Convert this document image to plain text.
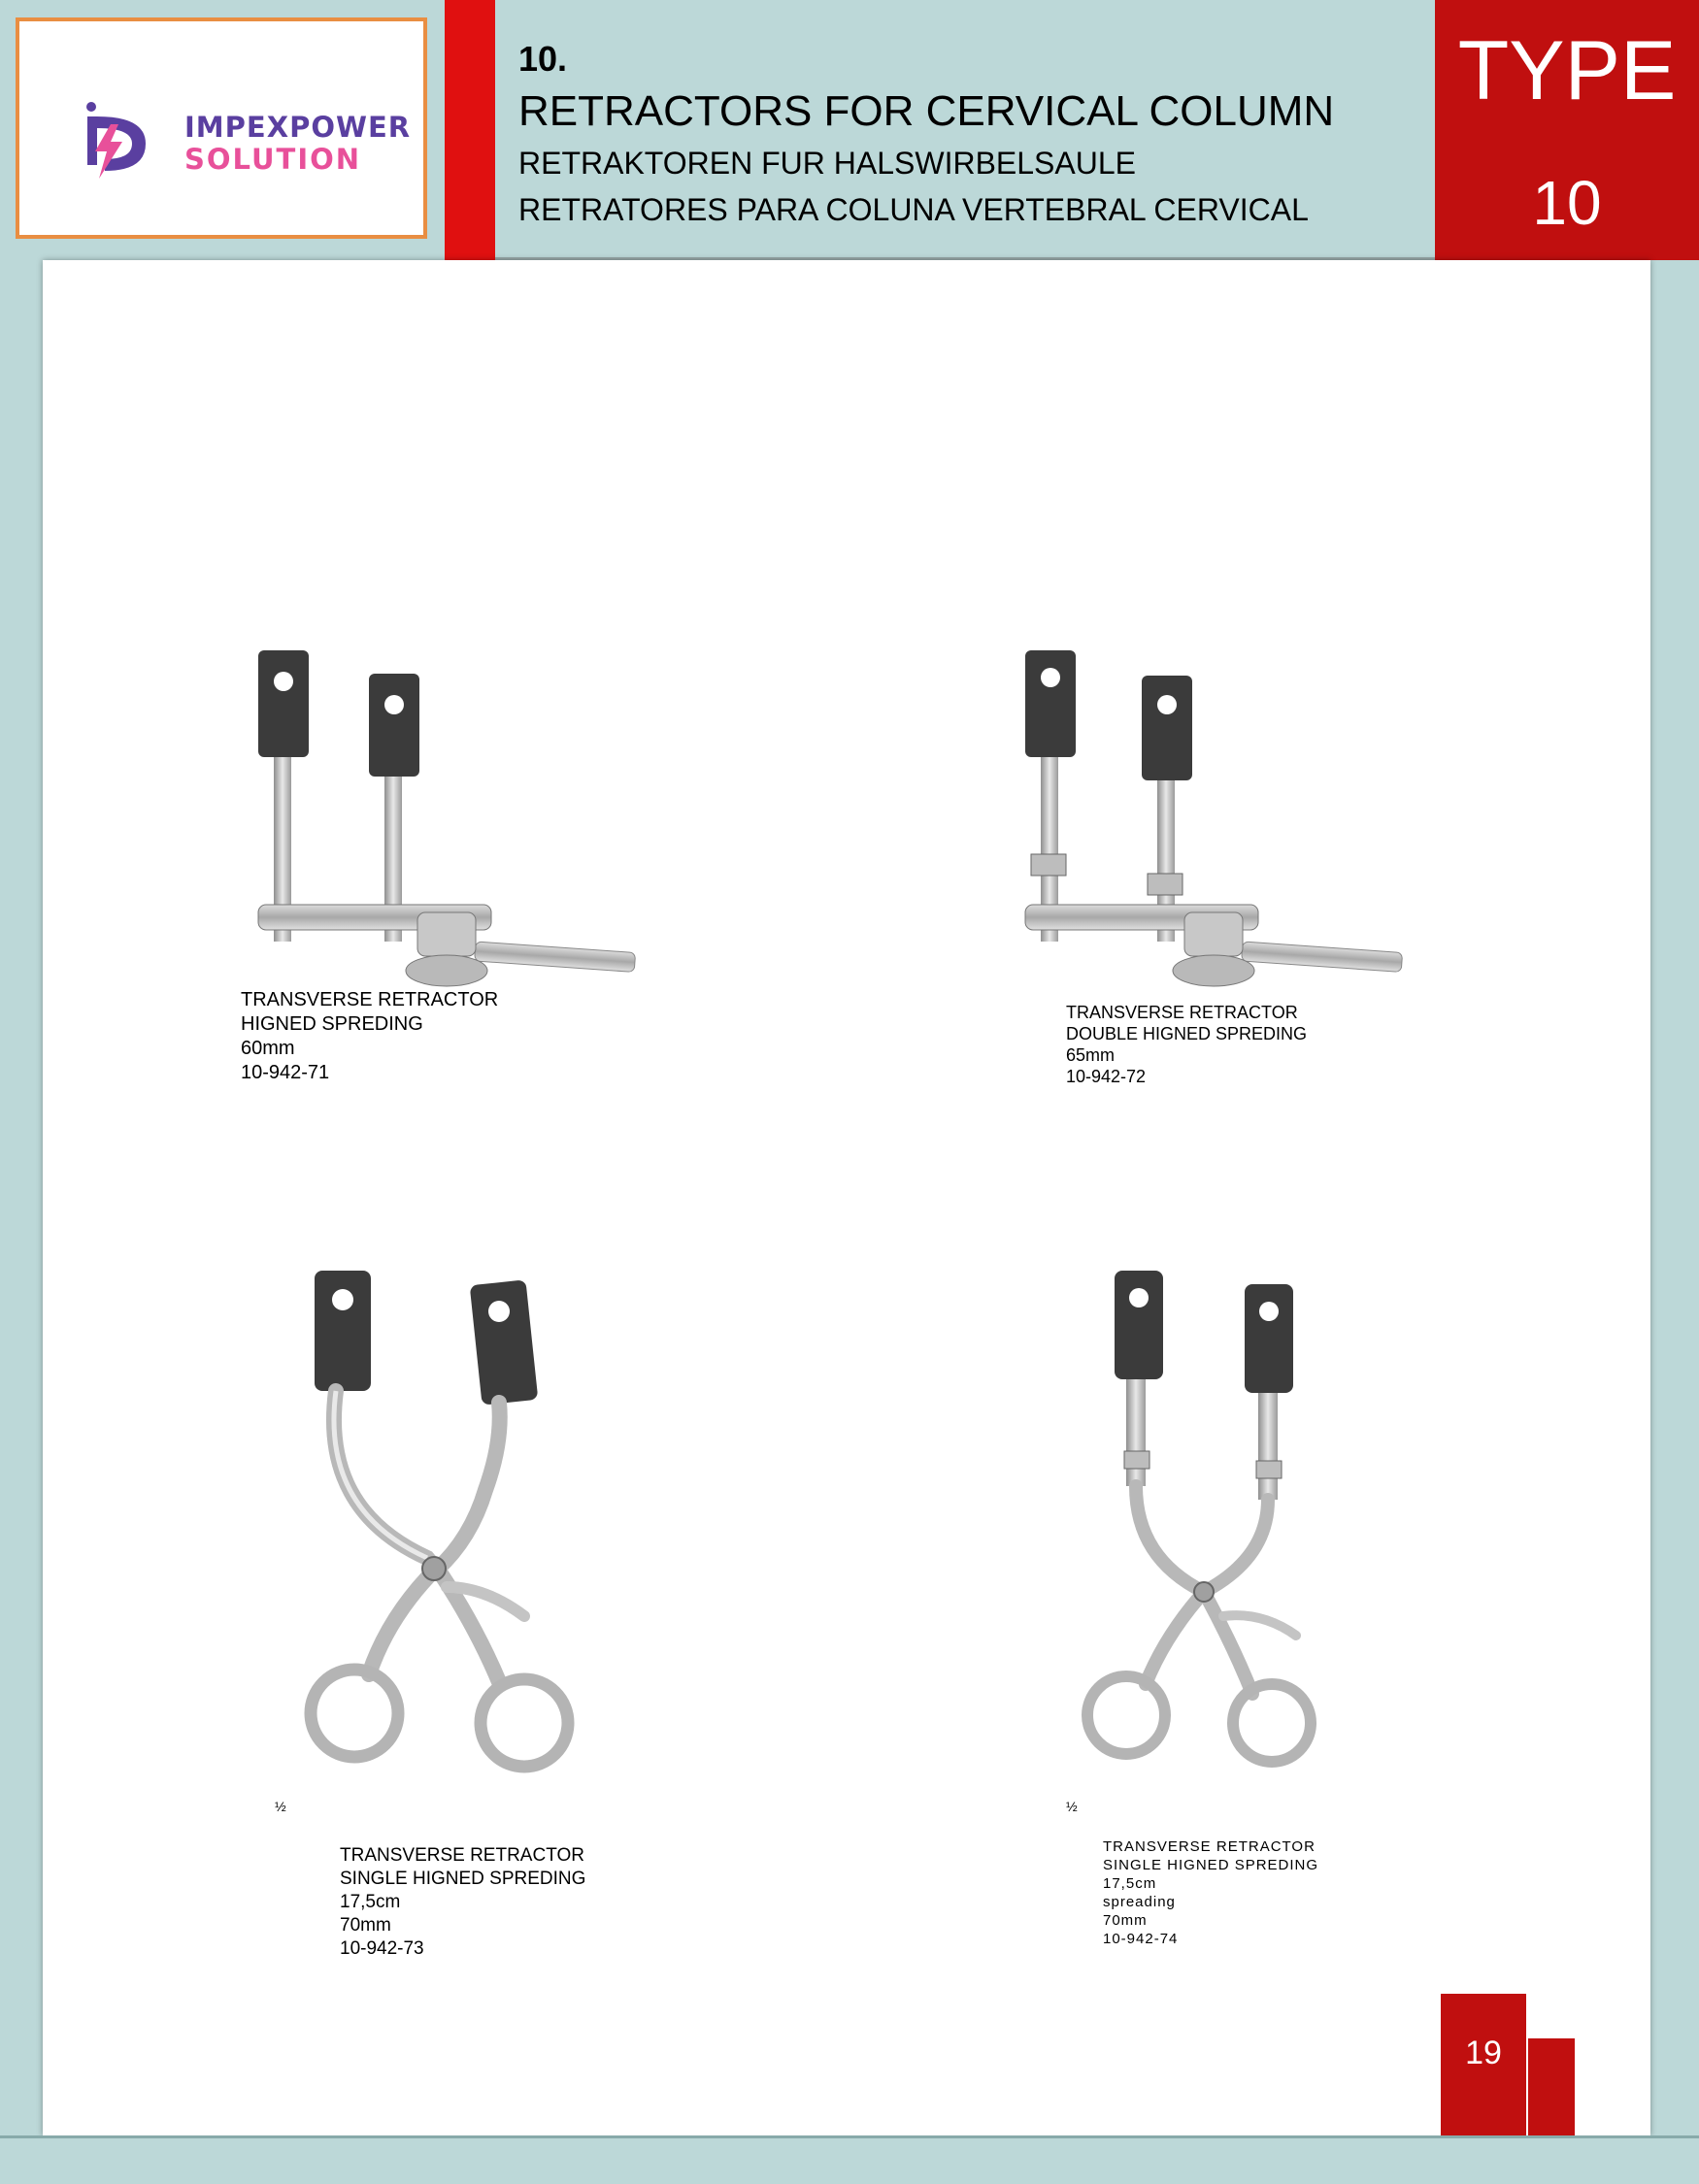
IMPEXPOWER
SOLUTION
10.
RETRACTORS FOR CERVICAL COLUMN
RETRAKTOREN FUR HALSWIRBELSAULE
RETRATORES PARA COLUNA VERTEBRAL CERVICAL
TYPE
10
TRANSVERSE RETRACTOR
HIGNED SPREDING
60mm
10-942-71
TRANSVERSE RETRACTOR
DOUBLE HIGNED SPREDING
65mm
10-942-72
½
TRANSVERSE RETRACTOR
SINGLE HIGNED SPREDING
17,5cm
70mm
10-942-73
½
TRANSVERSE RETRACTOR
SINGLE HIGNED SPREDING
17,5cm
spreading
70mm
10-942-74
19
